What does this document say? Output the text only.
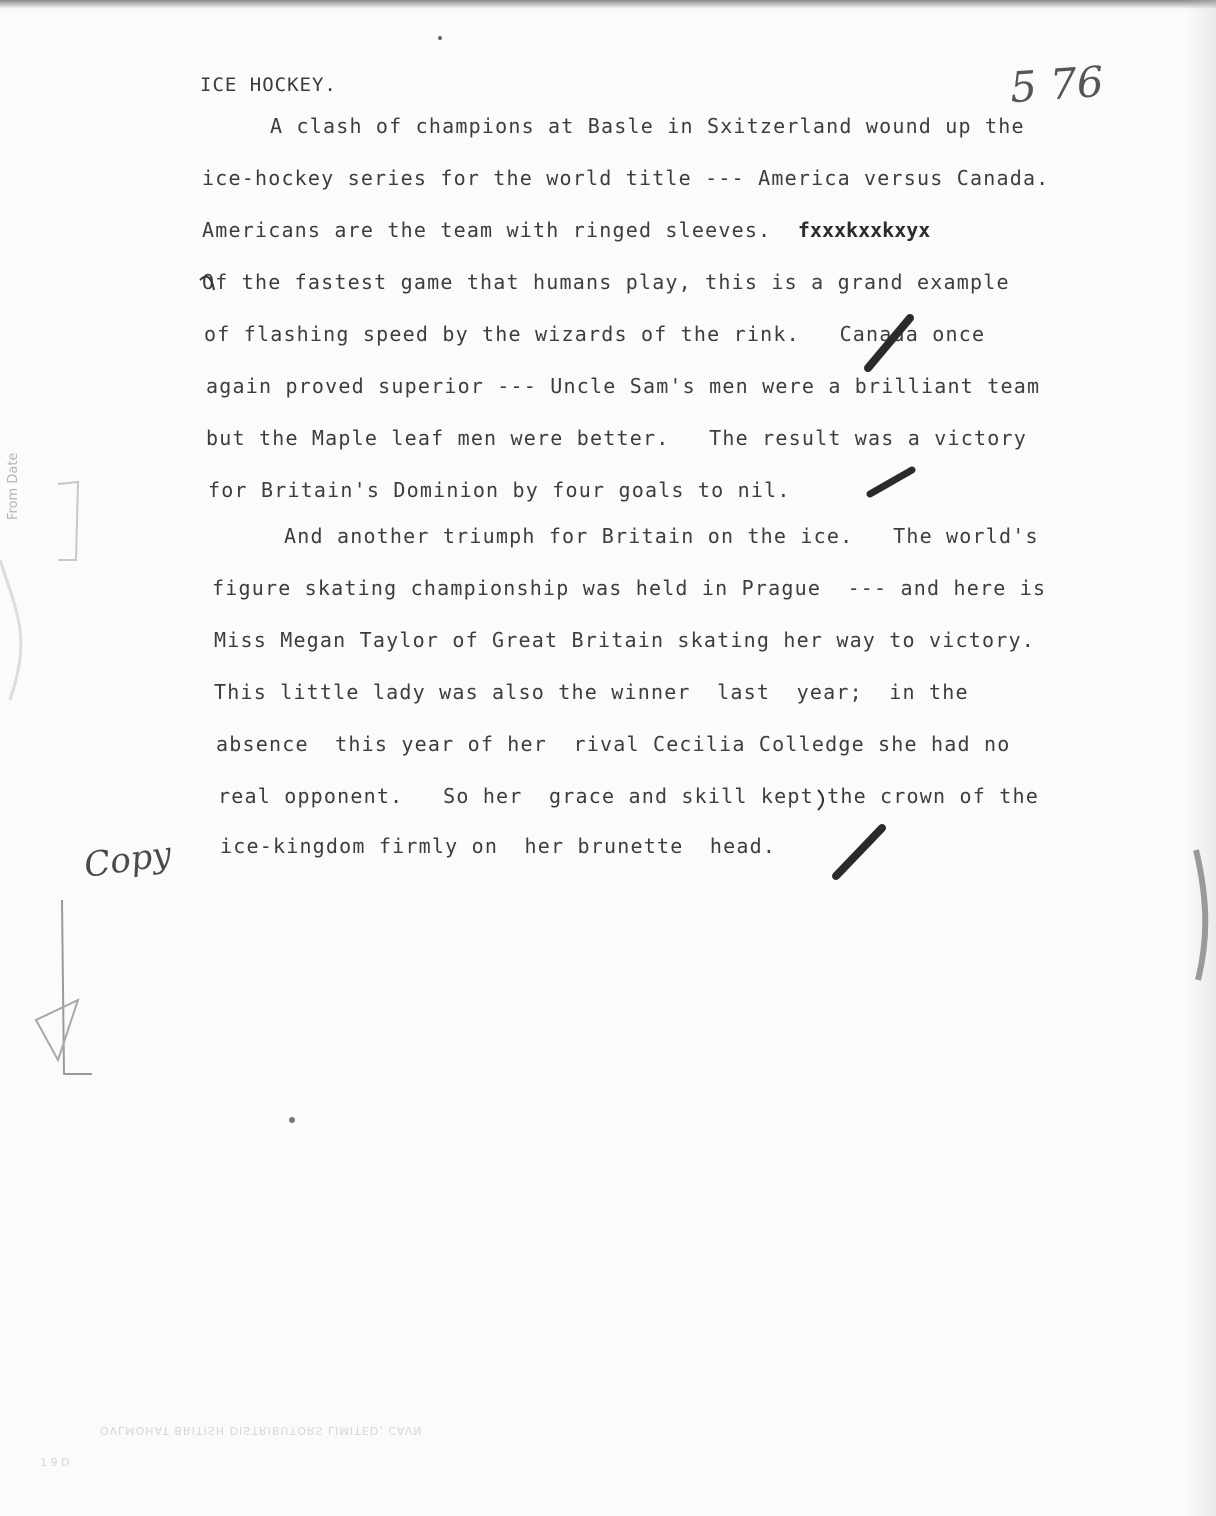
ICE HOCKEY.	5 76
A clash of champions at Basle in Sxitzerland wound up the
ice-hockey series for the world title --- America versus Canada.
Americans are the team with ringed sleeves. fxxxkxxkxyx
Of the fastest game that humans play, this is a grand example
of flashing speed by the wizards of the rink.   Canada once
again proved superior --- Uncle Sam's men were a brilliant team
but the Maple leaf men were better.   The result was a victory
for Britain's Dominion by four goals to nil.
And another triumph for Britain on the ice.   The world's
figure skating championship was held in Prague  --- and here is
Miss Megan Taylor of Great Britain skating her way to victory.
This little lady was also the winner  last  year;  in the
absence  this year of her  rival Cecilia Colledge she had no
real opponent.   So her  grace and skill kept the crown of the
ice-kingdom firmly on  her brunette  head.
Copy
From Date
OVLMOHAT BRITISH DISTRIBUTORS LIMITED, CAVN
1 9 D
